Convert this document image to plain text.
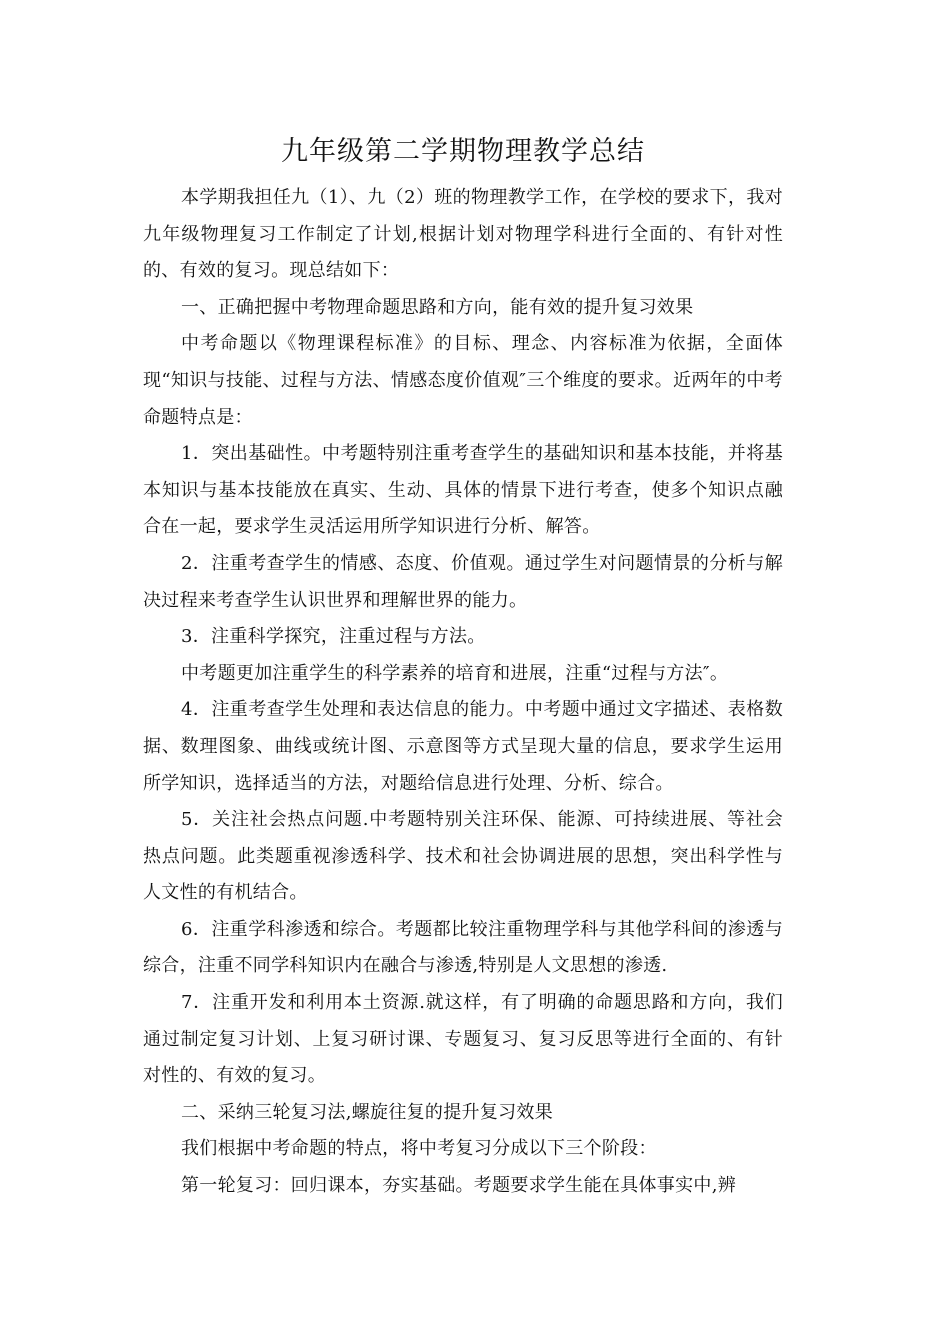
九年级第二学期物理教学总结

本学期我担任九（1）、九（2）班的物理教学工作，在学校的要求下，我对九年级物理复习工作制定了计划,根据计划对物理学科进行全面的、有针对性的、有效的复习。现总结如下：

一、正确把握中考物理命题思路和方向，能有效的提升复习效果

中考命题以《物理课程标准》的目标、理念、内容标准为依据，全面体现“知识与技能、过程与方法、情感态度价值观″三个维度的要求。近两年的中考命题特点是：

1．突出基础性。中考题特别注重考查学生的基础知识和基本技能，并将基本知识与基本技能放在真实、生动、具体的情景下进行考查，使多个知识点融合在一起，要求学生灵活运用所学知识进行分析、解答。

2．注重考查学生的情感、态度、价值观。通过学生对问题情景的分析与解决过程来考查学生认识世界和理解世界的能力。

3．注重科学探究，注重过程与方法。

中考题更加注重学生的科学素养的培育和进展，注重“过程与方法″。

4．注重考查学生处理和表达信息的能力。中考题中通过文字描述、表格数据、数理图象、曲线或统计图、示意图等方式呈现大量的信息，要求学生运用所学知识，选择适当的方法，对题给信息进行处理、分析、综合。

5．关注社会热点问题.中考题特别关注环保、能源、可持续进展、等社会热点问题。此类题重视渗透科学、技术和社会协调进展的思想，突出科学性与人文性的有机结合。

6．注重学科渗透和综合。考题都比较注重物理学科与其他学科间的渗透与综合，注重不同学科知识内在融合与渗透,特别是人文思想的渗透.

7．注重开发和利用本土资源.就这样，有了明确的命题思路和方向，我们通过制定复习计划、上复习研讨课、专题复习、复习反思等进行全面的、有针对性的、有效的复习。

二、采纳三轮复习法,螺旋往复的提升复习效果

我们根据中考命题的特点，将中考复习分成以下三个阶段：

第一轮复习：回归课本，夯实基础。考题要求学生能在具体事实中,辨
